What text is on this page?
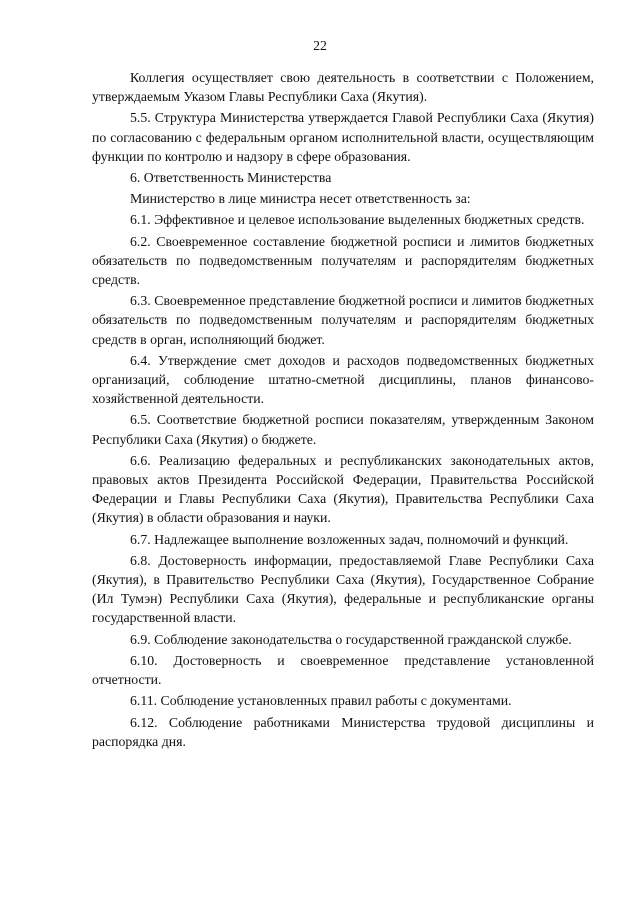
22

Коллегия осуществляет свою деятельность в соответствии с Положением, утверждаемым Указом Главы Республики Саха (Якутия).

5.5. Структура Министерства утверждается Главой Республики Саха (Якутия) по согласованию с федеральным органом исполнительной власти, осуществляющим функции по контролю и надзору в сфере образования.

6. Ответственность Министерства

Министерство в лице министра несет ответственность за:

6.1. Эффективное и целевое использование выделенных бюджетных средств.

6.2. Своевременное составление бюджетной росписи и лимитов бюджетных обязательств по подведомственным получателям и распорядителям бюджетных средств.

6.3. Своевременное представление бюджетной росписи и лимитов бюджетных обязательств по подведомственным получателям и распорядителям бюджетных средств в орган, исполняющий бюджет.

6.4. Утверждение смет доходов и расходов подведомственных бюджетных организаций, соблюдение штатно-сметной дисциплины, планов финансово-хозяйственной деятельности.

6.5. Соответствие бюджетной росписи показателям, утвержденным Законом Республики Саха (Якутия) о бюджете.

6.6. Реализацию федеральных и республиканских законодательных актов, правовых актов Президента Российской Федерации, Правительства Российской Федерации и Главы Республики Саха (Якутия), Правительства Республики Саха (Якутия) в области образования и науки.

6.7. Надлежащее выполнение возложенных задач, полномочий и функций.

6.8. Достоверность информации, предоставляемой Главе Республики Саха (Якутия), в Правительство Республики Саха (Якутия), Государственное Собрание (Ил Тумэн) Республики Саха (Якутия), федеральные и республиканские органы государственной власти.

6.9. Соблюдение законодательства о государственной гражданской службе.

6.10. Достоверность и своевременное представление установленной отчетности.

6.11. Соблюдение установленных правил работы с документами.

6.12. Соблюдение работниками Министерства трудовой дисциплины и распорядка дня.
